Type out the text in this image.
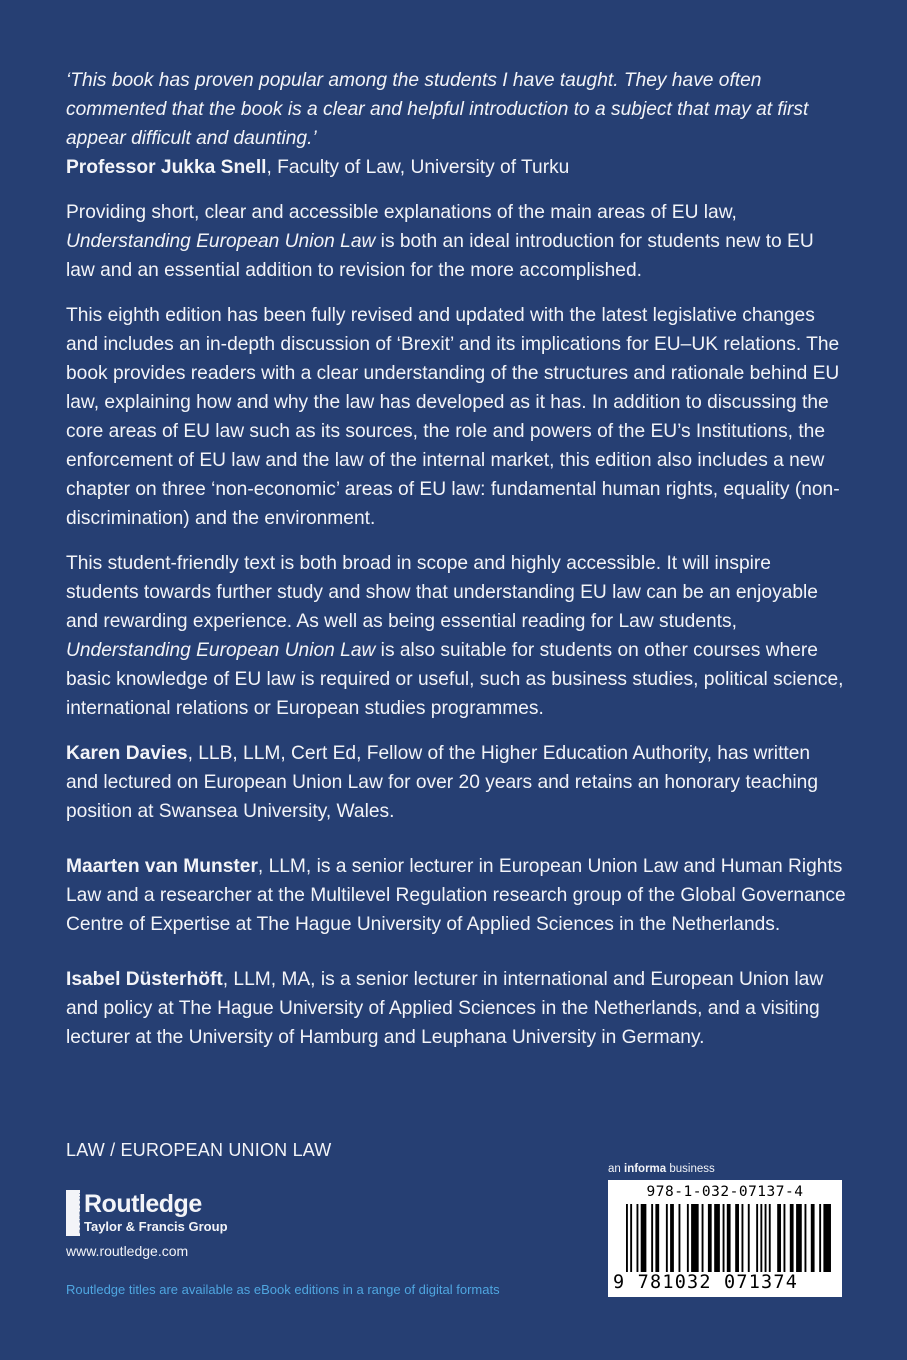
‘This book has proven popular among the students I have taught. They have often commented that the book is a clear and helpful introduction to a subject that may at first appear difficult and daunting.’

Professor Jukka Snell, Faculty of Law, University of Turku

Providing short, clear and accessible explanations of the main areas of EU law, Understanding European Union Law is both an ideal introduction for students new to EU law and an essential addition to revision for the more accomplished.

This eighth edition has been fully revised and updated with the latest legislative changes and includes an in-depth discussion of ‘Brexit’ and its implications for EU–UK relations. The book provides readers with a clear understanding of the structures and rationale behind EU law, explaining how and why the law has developed as it has. In addition to discussing the core areas of EU law such as its sources, the role and powers of the EU’s Institutions, the enforcement of EU law and the law of the internal market, this edition also includes a new chapter on three ‘non-economic’ areas of EU law: fundamental human rights, equality (non-discrimination) and the environment.

This student-friendly text is both broad in scope and highly accessible. It will inspire students towards further study and show that understanding EU law can be an enjoyable and rewarding experience. As well as being essential reading for Law students, Understanding European Union Law is also suitable for students on other courses where basic knowledge of EU law is required or useful, such as business studies, political science, international relations or European studies programmes.

Karen Davies, LLB, LLM, Cert Ed, Fellow of the Higher Education Authority, has written and lectured on European Union Law for over 20 years and retains an honorary teaching position at Swansea University, Wales.

Maarten van Munster, LLM, is a senior lecturer in European Union Law and Human Rights Law and a researcher at the Multilevel Regulation research group of the Global Governance Centre of Expertise at The Hague University of Applied Sciences in the Netherlands.

Isabel Düsterhöft, LLM, MA, is a senior lecturer in international and European Union law and policy at The Hague University of Applied Sciences in the Netherlands, and a visiting lecturer at the University of Hamburg and Leuphana University in Germany.

LAW / EUROPEAN UNION LAW
ROUTLEDGE Routledge
Taylor & Francis Group
www.routledge.com
Routledge titles are available as eBook editions in a range of digital formats
an informa business
978-1-032-07137-4
9 781032 071374
